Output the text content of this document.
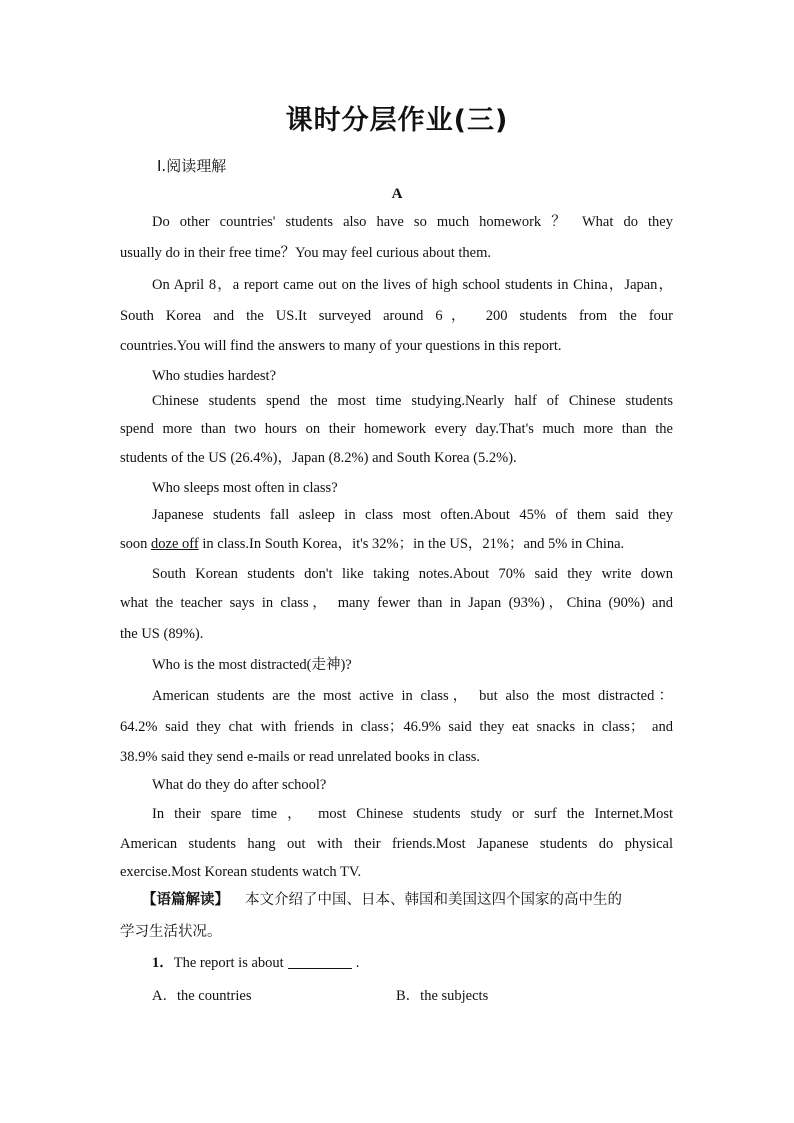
课时分层作业(三)
Ⅰ.阅读理解
A
Do other countries' students also have so much homework ？ What do they
usually do in their free time？You may feel curious about them.
On April 8，a report came out on the lives of high school students in China，Japan，
South Korea and the US.It surveyed around 6， 200 students from the four
countries.You will find the answers to many of your questions in this report.
Who studies hardest?
Chinese students spend the most time studying.Nearly half of Chinese students
spend more than two hours on their homework every day.That's much more than the
students of the US (26.4%)，Japan (8.2%) and South Korea (5.2%).
Who sleeps most often in class?
Japanese students fall asleep in class most often.About 45% of them said they
soon doze off in class.In South Korea，it's 32%；in the US，21%；and 5% in China.
South Korean students don't like taking notes.About 70% said they write down
what the teacher says in class， many fewer than in Japan (93%)，China (90%) and
the US (89%).
Who is the most distracted(走神)?
American students are the most active in class， but also the most distracted：
64.2% said they chat with friends in class；46.9% said they eat snacks in class； and
38.9% said they send e-mails or read unrelated books in class.
What do they do after school?
In their spare time ， most Chinese students study or surf the Internet.Most
American students hang out with their friends.Most Japanese students do physical
exercise.Most Korean students watch TV.
【语篇解读】 本文介绍了中国、日本、韩国和美国这四个国家的高中生的
学习生活状况。
1．The report is about	.
A．the countries	B．the subjects
